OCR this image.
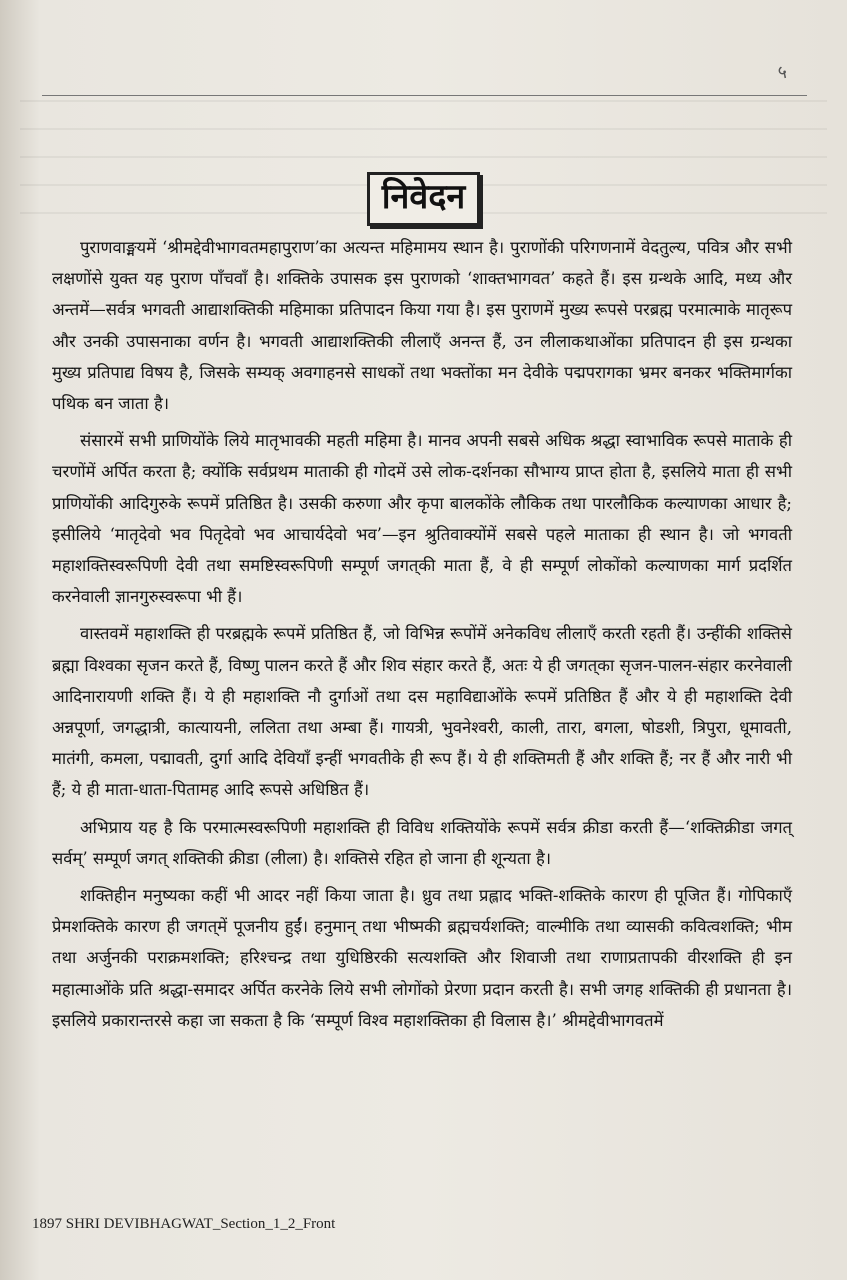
५
निवेदन

पुराणवाङ्मयमें ‘श्रीमद्देवीभागवतमहापुराण’का अत्यन्त महिमामय स्थान है। पुराणोंकी परिगणनामें वेदतुल्य, पवित्र और सभी लक्षणोंसे युक्त यह पुराण पाँचवाँ है। शक्तिके उपासक इस पुराणको ‘शाक्तभागवत’ कहते हैं। इस ग्रन्थके आदि, मध्य और अन्तमें—सर्वत्र भगवती आद्याशक्तिकी महिमाका प्रतिपादन किया गया है। इस पुराणमें मुख्य रूपसे परब्रह्म परमात्माके मातृरूप और उनकी उपासनाका वर्णन है। भगवती आद्याशक्तिकी लीलाएँ अनन्त हैं, उन लीलाकथाओंका प्रतिपादन ही इस ग्रन्थका मुख्य प्रतिपाद्य विषय है, जिसके सम्यक् अवगाहनसे साधकों तथा भक्तोंका मन देवीके पद्मपरागका भ्रमर बनकर भक्तिमार्गका पथिक बन जाता है।

संसारमें सभी प्राणियोंके लिये मातृभावकी महती महिमा है। मानव अपनी सबसे अधिक श्रद्धा स्वाभाविक रूपसे माताके ही चरणोंमें अर्पित करता है; क्योंकि सर्वप्रथम माताकी ही गोदमें उसे लोक-दर्शनका सौभाग्य प्राप्त होता है, इसलिये माता ही सभी प्राणियोंकी आदिगुरुके रूपमें प्रतिष्ठित है। उसकी करुणा और कृपा बालकोंके लौकिक तथा पारलौकिक कल्याणका आधार है; इसीलिये ‘मातृदेवो भव पितृदेवो भव आचार्यदेवो भव’—इन श्रुतिवाक्योंमें सबसे पहले माताका ही स्थान है। जो भगवती महाशक्तिस्वरूपिणी देवी तथा समष्टिस्वरूपिणी सम्पूर्ण जगत्‌की माता हैं, वे ही सम्पूर्ण लोकोंको कल्याणका मार्ग प्रदर्शित करनेवाली ज्ञानगुरुस्वरूपा भी हैं।

वास्तवमें महाशक्ति ही परब्रह्मके रूपमें प्रतिष्ठित हैं, जो विभिन्न रूपोंमें अनेकविध लीलाएँ करती रहती हैं। उन्हींकी शक्तिसे ब्रह्मा विश्वका सृजन करते हैं, विष्णु पालन करते हैं और शिव संहार करते हैं, अतः ये ही जगत्‌का सृजन-पालन-संहार करनेवाली आदिनारायणी शक्ति हैं। ये ही महाशक्ति नौ दुर्गाओं तथा दस महाविद्याओंके रूपमें प्रतिष्ठित हैं और ये ही महाशक्ति देवी अन्नपूर्णा, जगद्धात्री, कात्यायनी, ललिता तथा अम्बा हैं। गायत्री, भुवनेश्वरी, काली, तारा, बगला, षोडशी, त्रिपुरा, धूमावती, मातंगी, कमला, पद्मावती, दुर्गा आदि देवियाँ इन्हीं भगवतीके ही रूप हैं। ये ही शक्तिमती हैं और शक्ति हैं; नर हैं और नारी भी हैं; ये ही माता-धाता-पितामह आदि रूपसे अधिष्ठित हैं।

अभिप्राय यह है कि परमात्मस्वरूपिणी महाशक्ति ही विविध शक्तियोंके रूपमें सर्वत्र क्रीडा करती हैं—‘शक्तिक्रीडा जगत् सर्वम्’ सम्पूर्ण जगत् शक्तिकी क्रीडा (लीला) है। शक्तिसे रहित हो जाना ही शून्यता है।

शक्तिहीन मनुष्यका कहीं भी आदर नहीं किया जाता है। ध्रुव तथा प्रह्लाद भक्ति-शक्तिके कारण ही पूजित हैं। गोपिकाएँ प्रेमशक्तिके कारण ही जगत्‌में पूजनीय हुईं। हनुमान् तथा भीष्मकी ब्रह्मचर्यशक्ति; वाल्मीकि तथा व्यासकी कवित्वशक्ति; भीम तथा अर्जुनकी पराक्रमशक्ति; हरिश्चन्द्र तथा युधिष्ठिरकी सत्यशक्ति और शिवाजी तथा राणाप्रतापकी वीरशक्ति ही इन महात्माओंके प्रति श्रद्धा-समादर अर्पित करनेके लिये सभी लोगोंको प्रेरणा प्रदान करती है। सभी जगह शक्तिकी ही प्रधानता है। इसलिये प्रकारान्तरसे कहा जा सकता है कि ‘सम्पूर्ण विश्व महाशक्तिका ही विलास है।’ श्रीमद्देवीभागवतमें

1897 SHRI DEVIBHAGWAT_Section_1_2_Front
